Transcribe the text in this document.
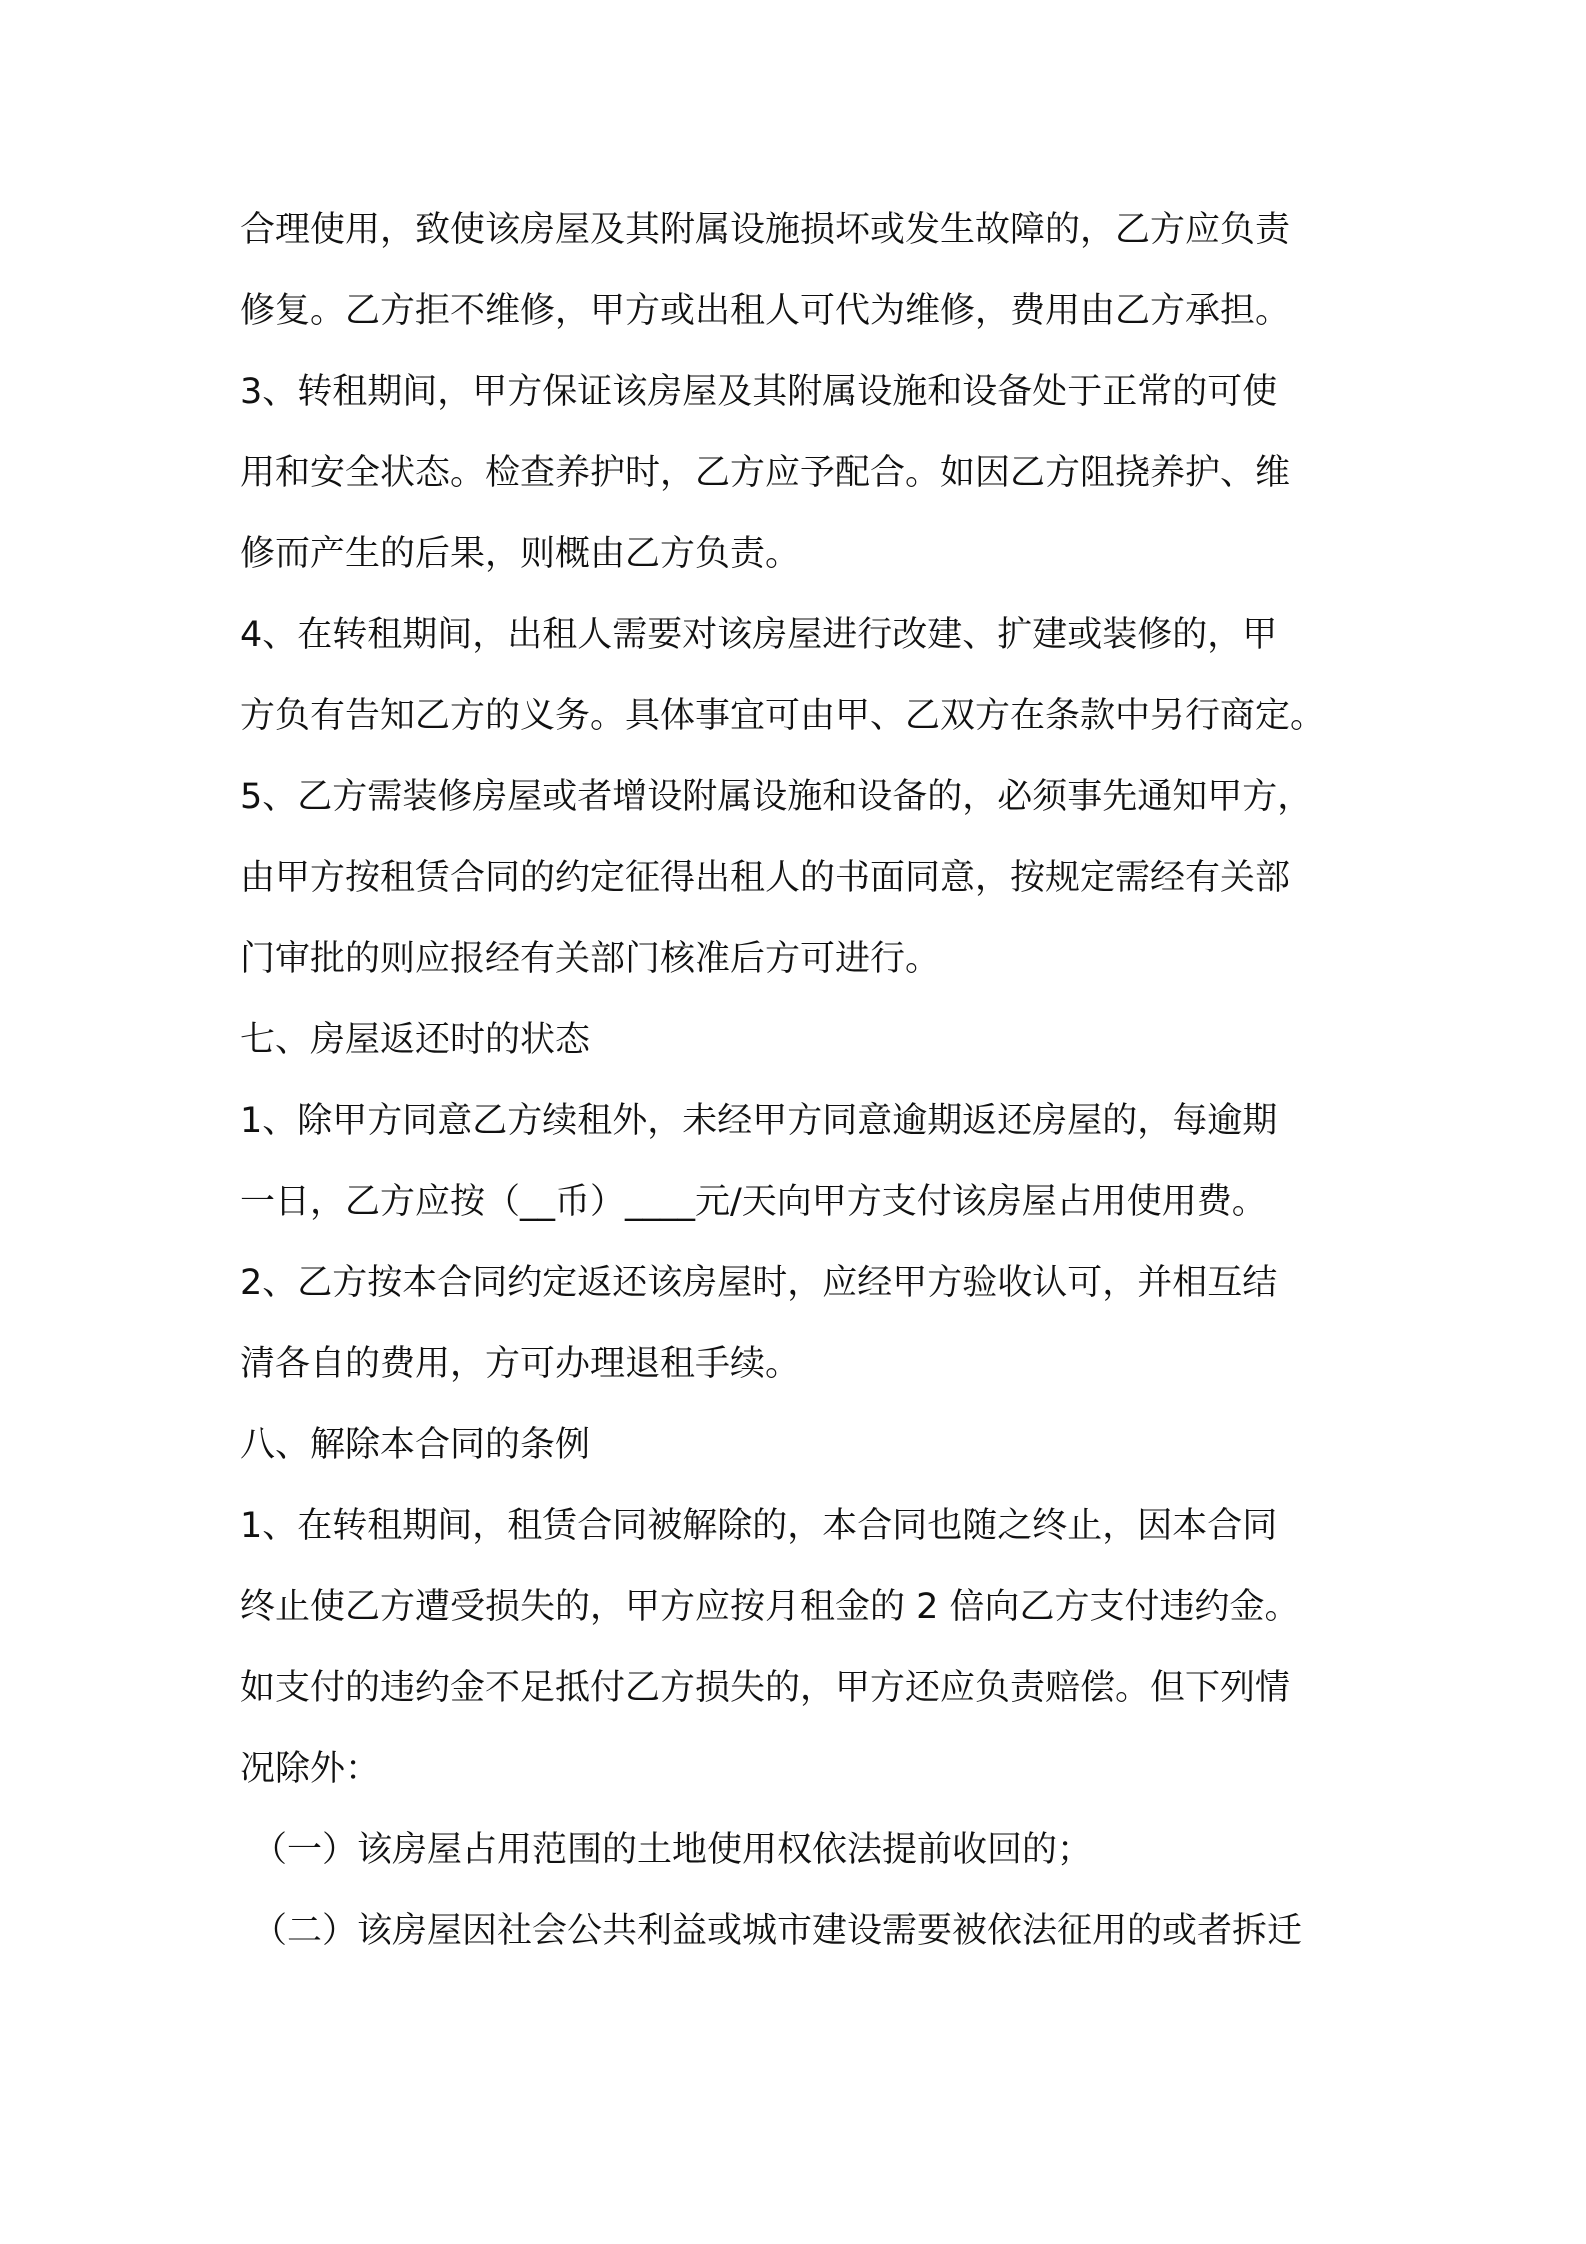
合理使用，致使该房屋及其附属设施损坏或发生故障的，乙方应负责
修复。乙方拒不维修，甲方或出租人可代为维修，费用由乙方承担。
3、转租期间，甲方保证该房屋及其附属设施和设备处于正常的可使
用和安全状态。检查养护时，乙方应予配合。如因乙方阻挠养护、维
修而产生的后果，则概由乙方负责。
4、在转租期间，出租人需要对该房屋进行改建、扩建或装修的，甲
方负有告知乙方的义务。具体事宜可由甲、乙双方在条款中另行商定。
5、乙方需装修房屋或者增设附属设施和设备的，必须事先通知甲方，
由甲方按租赁合同的约定征得出租人的书面同意，按规定需经有关部
门审批的则应报经有关部门核准后方可进行。
七、房屋返还时的状态
1、除甲方同意乙方续租外，未经甲方同意逾期返还房屋的，每逾期
一日，乙方应按（__币）____元/天向甲方支付该房屋占用使用费。
2、乙方按本合同约定返还该房屋时，应经甲方验收认可，并相互结
清各自的费用，方可办理退租手续。
八、解除本合同的条例
1、在转租期间，租赁合同被解除的，本合同也随之终止，因本合同
终止使乙方遭受损失的，甲方应按月租金的 2 倍向乙方支付违约金。
如支付的违约金不足抵付乙方损失的，甲方还应负责赔偿。但下列情
况除外：
（一）该房屋占用范围的土地使用权依法提前收回的；
（二）该房屋因社会公共利益或城市建设需要被依法征用的或者拆迁
